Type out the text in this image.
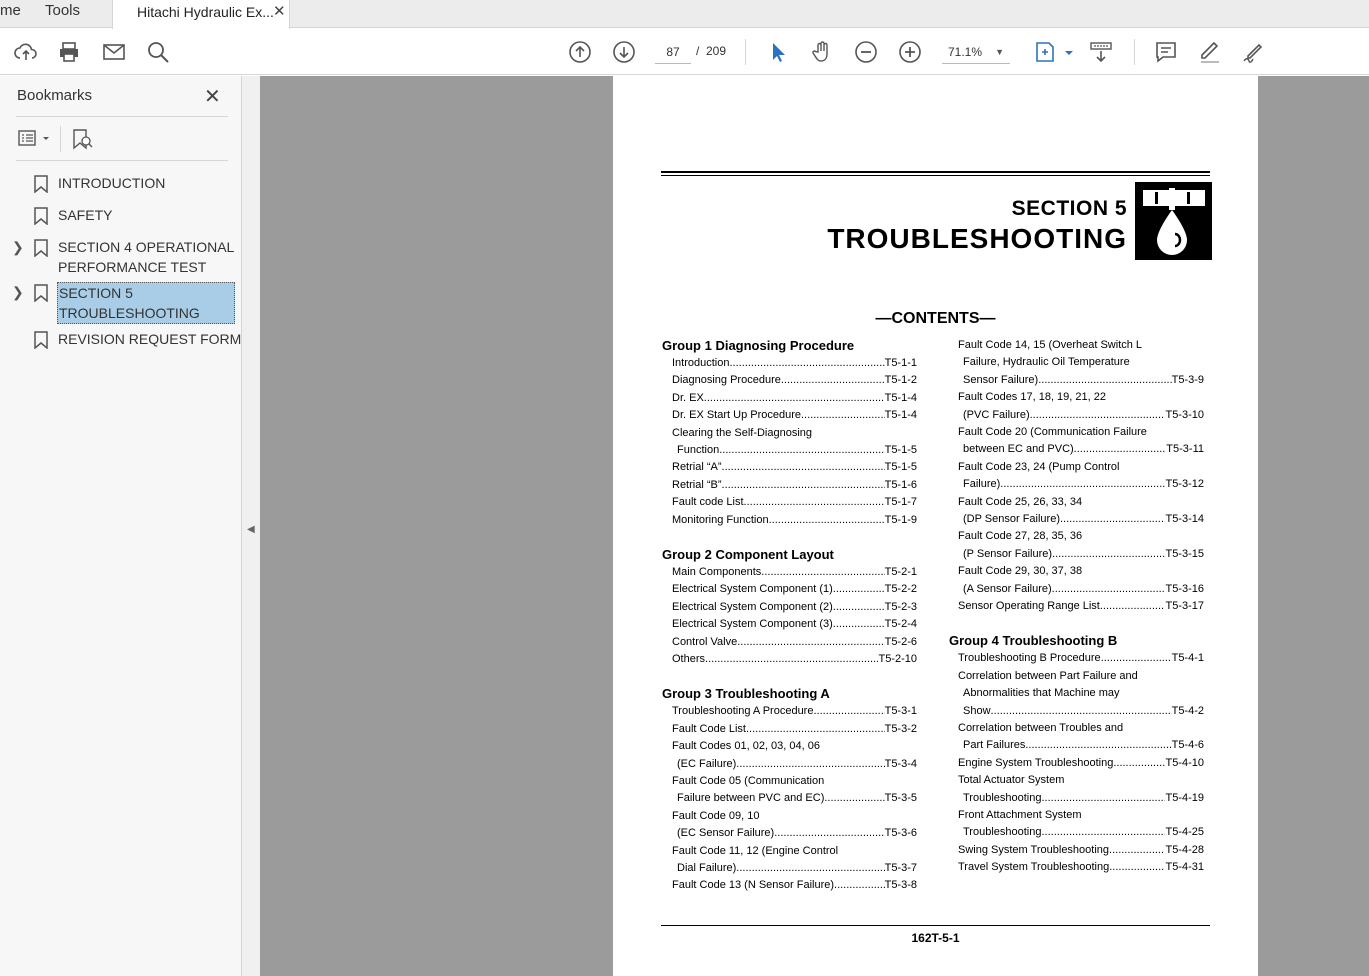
me Tools	Hitachi Hydraulic Ex... ✕
87	/ 209	71.1% ▼
Bookmarks	✕
INTRODUCTION
SAFETY
❯ SECTION 4 OPERATIONAL PERFORMANCE TEST
❯	SECTION 5 TROUBLESHOOTING
REVISION REQUEST FORM
◀
SECTION 5
TROUBLESHOOTING
—CONTENTS—
Group 1 Diagnosing Procedure
Introduction .....	T5-1-1
Diagnosing Procedure .....	T5-1-2
Dr. EX .....	T5-1-4
Dr. EX Start Up Procedure .....	T5-1-4
Clearing the Self-Diagnosing
Function .....	T5-1-5
Retrial “A” .....	T5-1-5
Retrial “B” .....	T5-1-6
Fault code List .....	T5-1-7
Monitoring Function .....	T5-1-9
Group 2 Component Layout
Main Components .....	T5-2-1
Electrical System Component (1) .....	T5-2-2
Electrical System Component (2) .....	T5-2-3
Electrical System Component (3) .....	T5-2-4
Control Valve .....	T5-2-6
Others .....	T5-2-10
Group 3 Troubleshooting A
Troubleshooting A Procedure .....	T5-3-1
Fault Code List .....	T5-3-2
Fault Codes 01, 02, 03, 04, 06
(EC Failure) .....	T5-3-4
Fault Code 05 (Communication
Failure between PVC and EC) .....	T5-3-5
Fault Code 09, 10
(EC Sensor Failure) .....	T5-3-6
Fault Code 11, 12 (Engine Control
Dial Failure) .....	T5-3-7
Fault Code 13 (N Sensor Failure) .....	T5-3-8
Fault Code 14, 15 (Overheat Switch L
Failure, Hydraulic Oil Temperature
Sensor Failure) .....	T5-3-9
Fault Codes 17, 18, 19, 21, 22
(PVC Failure) .....	T5-3-10
Fault Code 20 (Communication Failure
between EC and PVC) .....	T5-3-11
Fault Code 23, 24 (Pump Control
Failure) .....	T5-3-12
Fault Code 25, 26, 33, 34
(DP Sensor Failure) .....	T5-3-14
Fault Code 27, 28, 35, 36
(P Sensor Failure) .....	T5-3-15
Fault Code 29, 30, 37, 38
(A Sensor Failure) .....	T5-3-16
Sensor Operating Range List .....	T5-3-17
Group 4 Troubleshooting B
Troubleshooting B Procedure .....	T5-4-1
Correlation between Part Failure and
Abnormalities that Machine may
Show .....	T5-4-2
Correlation between Troubles and
Part Failures .....	T5-4-6
Engine System Troubleshooting .....	T5-4-10
Total Actuator System
Troubleshooting .....	T5-4-19
Front Attachment System
Troubleshooting .....	T5-4-25
Swing System Troubleshooting .....	T5-4-28
Travel System Troubleshooting .....	T5-4-31
162T-5-1
